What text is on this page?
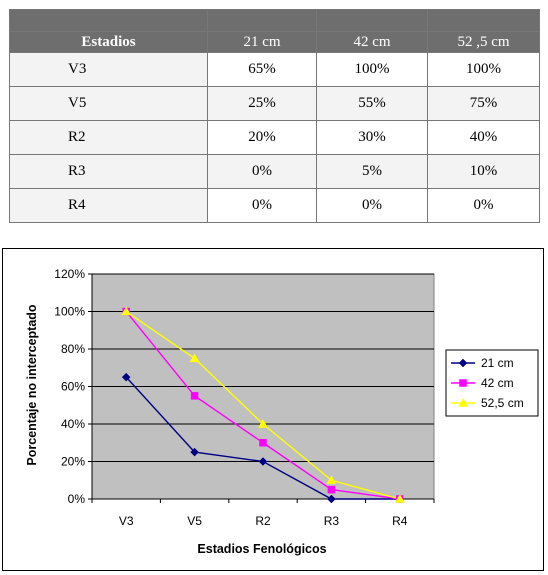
Estadios	21 cm	42 cm	52 ,5 cm
V3	65%	100%	100%
V5	25%	55%	75%
R2	20%	30%	40%
R3	0%	5%	10%
R4	0%	0%	0%
Porcentaje no interceptado
Estadios Fenológicos
0%
20%
40%
60%
80%
100%
120%
V3	V5	R2	R3	R4
21 cm
42 cm
52,5 cm
